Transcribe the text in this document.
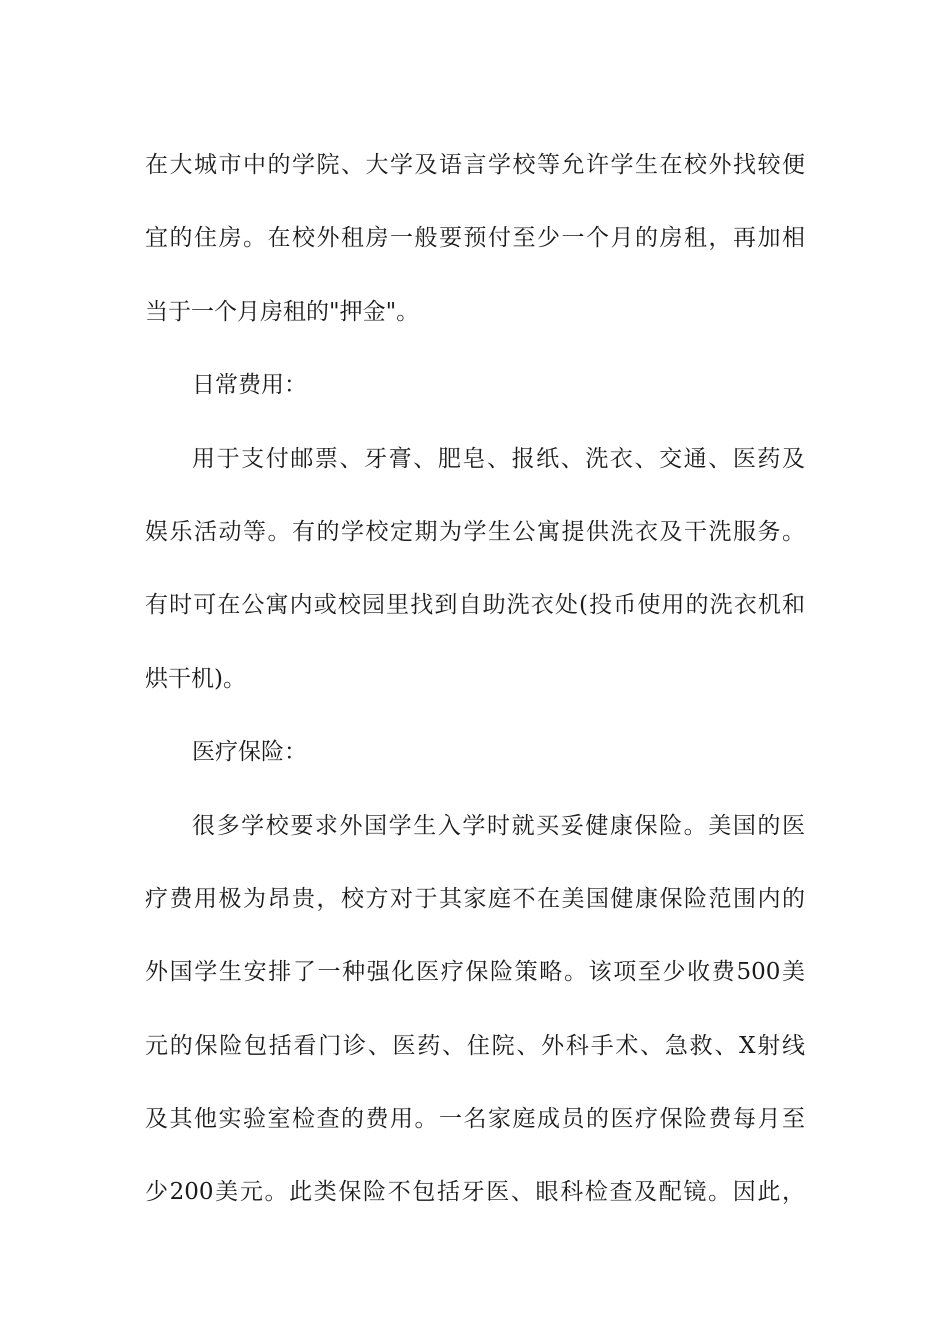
在大城市中的学院、大学及语言学校等允许学生在校外找较便
宜的住房。在校外租房一般要预付至少一个月的房租，再加相
当于一个月房租的"押金"。
日常费用：
用于支付邮票、牙膏、肥皂、报纸、洗衣、交通、医药及
娱乐活动等。有的学校定期为学生公寓提供洗衣及干洗服务。
有时可在公寓内或校园里找到自助洗衣处(投币使用的洗衣机和
烘干机)。
医疗保险：
很多学校要求外国学生入学时就买妥健康保险。美国的医
疗费用极为昂贵，校方对于其家庭不在美国健康保险范围内的
外国学生安排了一种强化医疗保险策略。该项至少收费500美
元的保险包括看门诊、医药、住院、外科手术、急救、X射线
及其他实验室检查的费用。一名家庭成员的医疗保险费每月至
少200美元。此类保险不包括牙医、眼科检查及配镜。因此，
